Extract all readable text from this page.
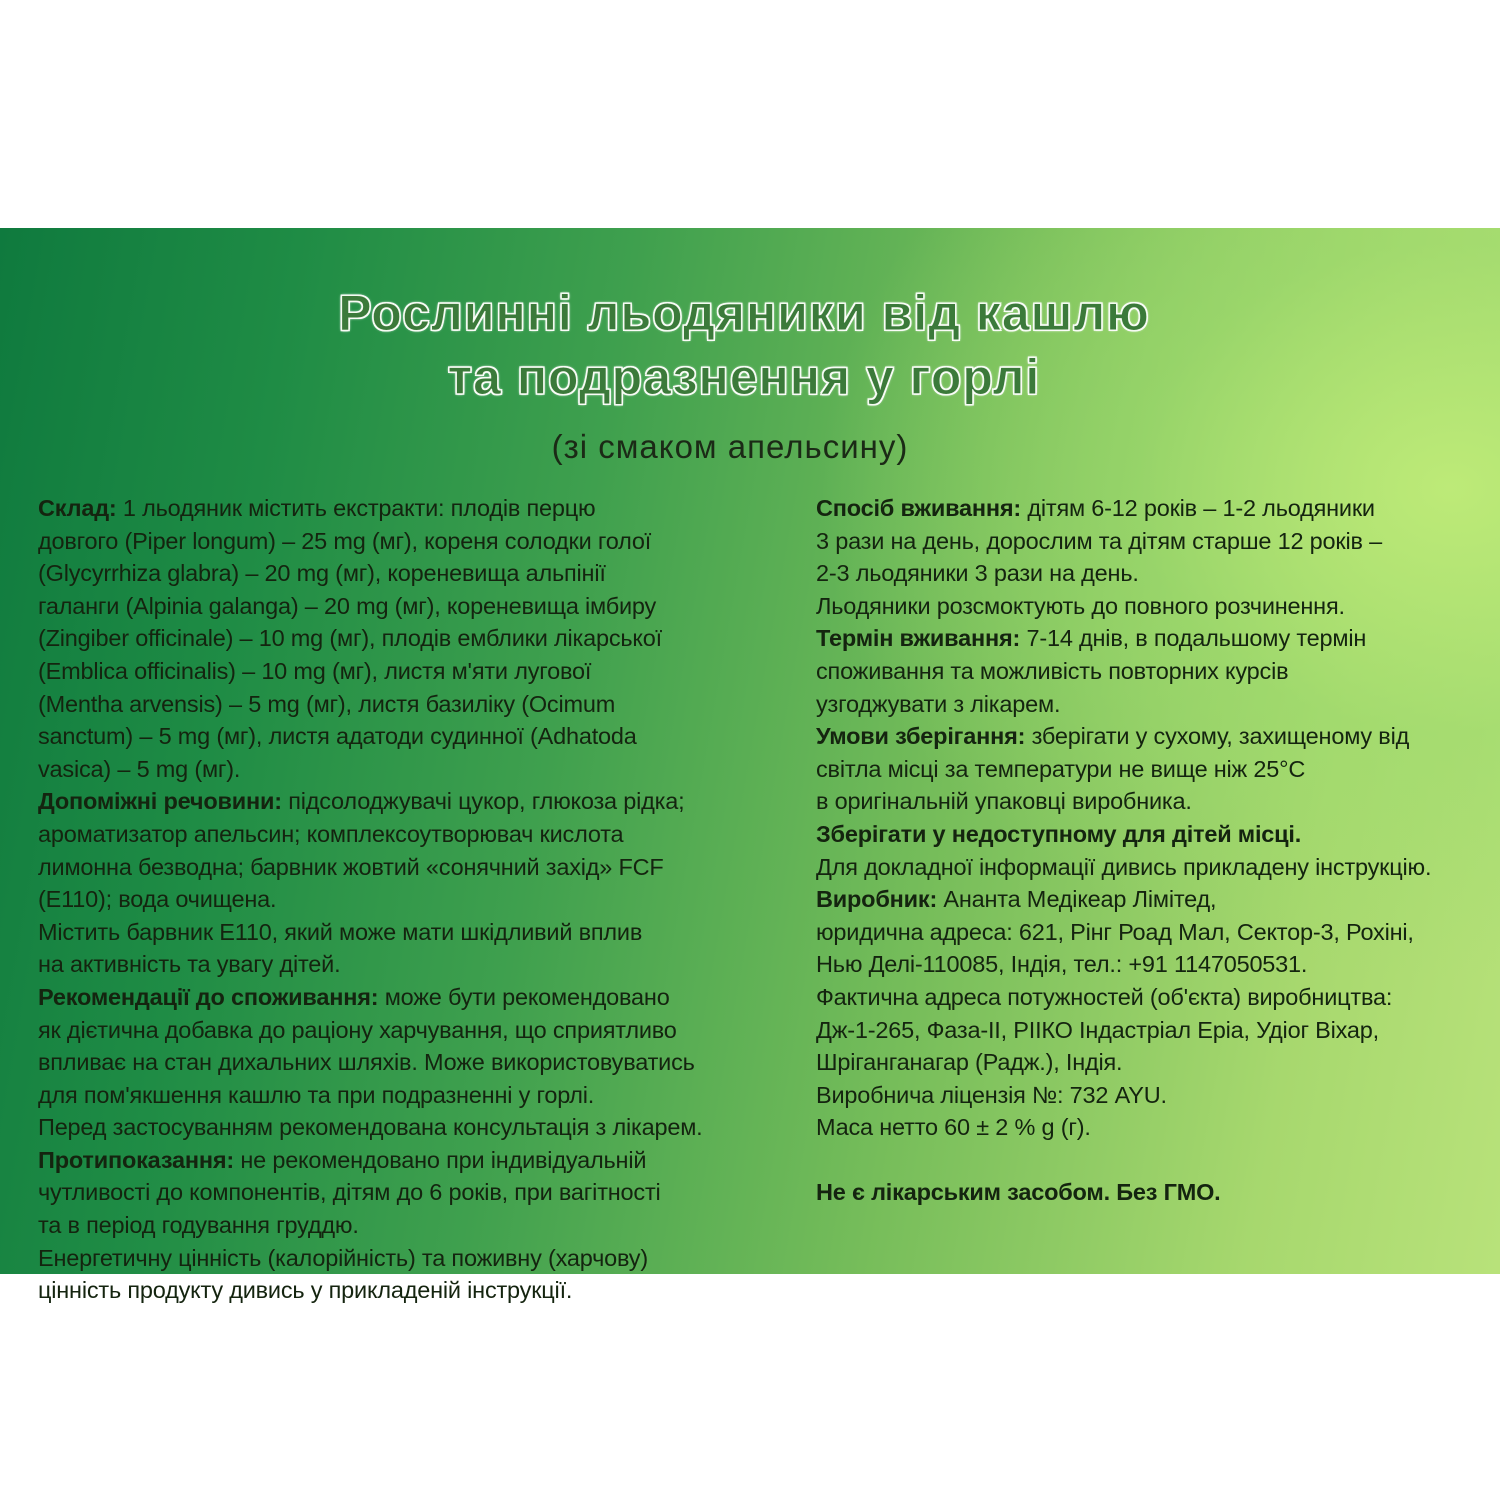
Рослинні льодяники від кашлю
та подразнення у горлі
(зі смаком апельсину)
Склад: 1 льодяник містить екстракти: плодів перцю
довгого (Piper longum) – 25 mg (мг), кореня солодки голої
(Glycyrrhiza glabra) – 20 mg (мг), кореневища альпінії
галанги (Alpinia galanga) – 20 mg (мг), кореневища імбиру
(Zingiber officinale) – 10 mg (мг), плодів емблики лікарської
(Emblica officinalis) – 10 mg (мг), листя м'яти лугової
(Mentha arvensis) – 5 mg (мг), листя базиліку (Ocimum
sanctum) – 5 mg (мг), листя адатоди судинної (Adhatoda
vasica) – 5 mg (мг).
Допоміжні речовини: підсолоджувачі цукор, глюкоза рідка;
ароматизатор апельсин; комплексоутворювач кислота
лимонна безводна; барвник жовтий «сонячний захід» FCF
(E110); вода очищена.
Містить барвник E110, який може мати шкідливий вплив
на активність та увагу дітей.
Рекомендації до споживання: може бути рекомендовано
як дієтична добавка до раціону харчування, що сприятливо
впливає на стан дихальних шляхів. Може використовуватись
для пом'якшення кашлю та при подразненні у горлі.
Перед застосуванням рекомендована консультація з лікарем.
Протипоказання: не рекомендовано при індивідуальній
чутливості до компонентів, дітям до 6 років, при вагітності
та в період годування груддю.
Енергетичну цінність (калорійність) та поживну (харчову)
цінність продукту дивись у прикладеній інструкції.
Спосіб вживання: дітям 6-12 років – 1-2 льодяники
3 рази на день, дорослим та дітям старше 12 років –
2-3 льодяники 3 рази на день.
Льодяники розсмоктують до повного розчинення.
Термін вживання: 7-14 днів, в подальшому термін
споживання та можливість повторних курсів
узгоджувати з лікарем.
Умови зберігання: зберігати у сухому, захищеному від
світла місці за температури не вище ніж 25°С
в оригінальній упаковці виробника.
Зберігати у недоступному для дітей місці.
Для докладної інформації дивись прикладену інструкцію.
Виробник: Ананта Медікеар Лімітед,
юридична адреса: 621, Рінг Роад Мал, Сектор-3, Рохіні,
Нью Делі-110085, Індія, тел.: +91 1147050531.
Фактична адреса потужностей (об'єкта) виробництва:
Дж-1-265, Фаза-ІІ, РІІКО Індастріал Еріа, Удіог Віхар,
Шріганганагар (Радж.), Індія.
Виробнича ліцензія №: 732 AYU.
Маса нетто 60 ± 2 % g (г).
Не є лікарським засобом. Без ГМО.
